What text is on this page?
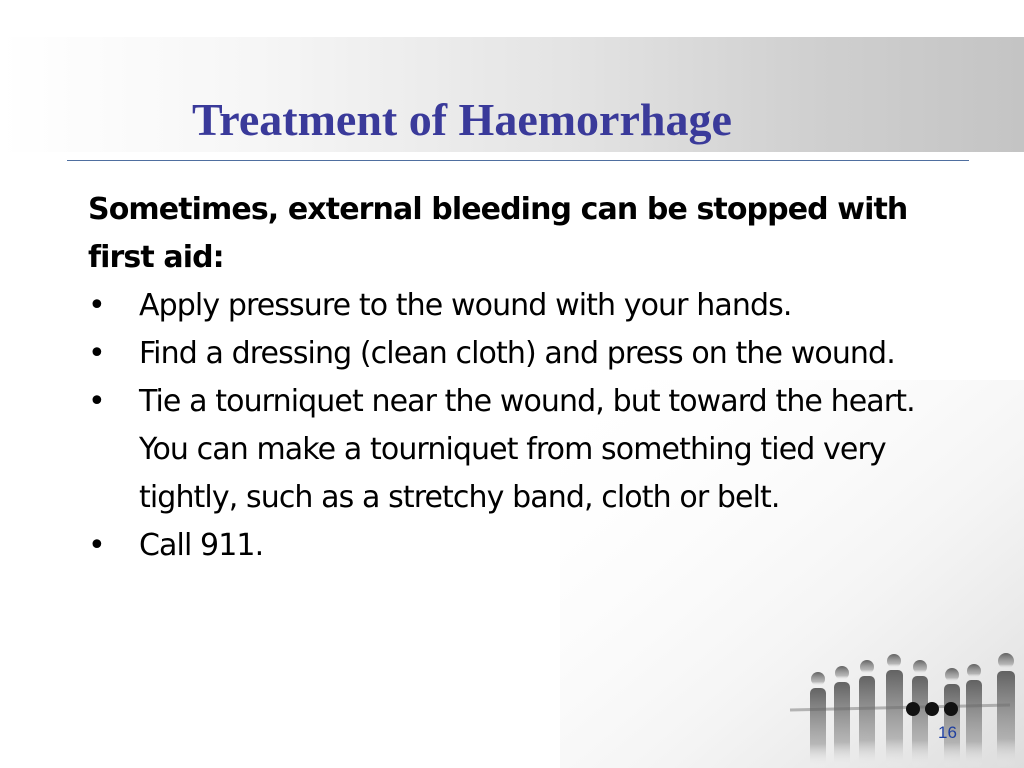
Treatment of Haemorrhage

Sometimes, external bleeding can be stopped with first aid:

•	Apply pressure to the wound with your hands.
•	Find a dressing (clean cloth) and press on the wound.
•	Tie a tourniquet near the wound, but toward the heart. You can make a tourniquet from something tied very tightly, such as a stretchy band, cloth or belt.
•	Call 911.
16
